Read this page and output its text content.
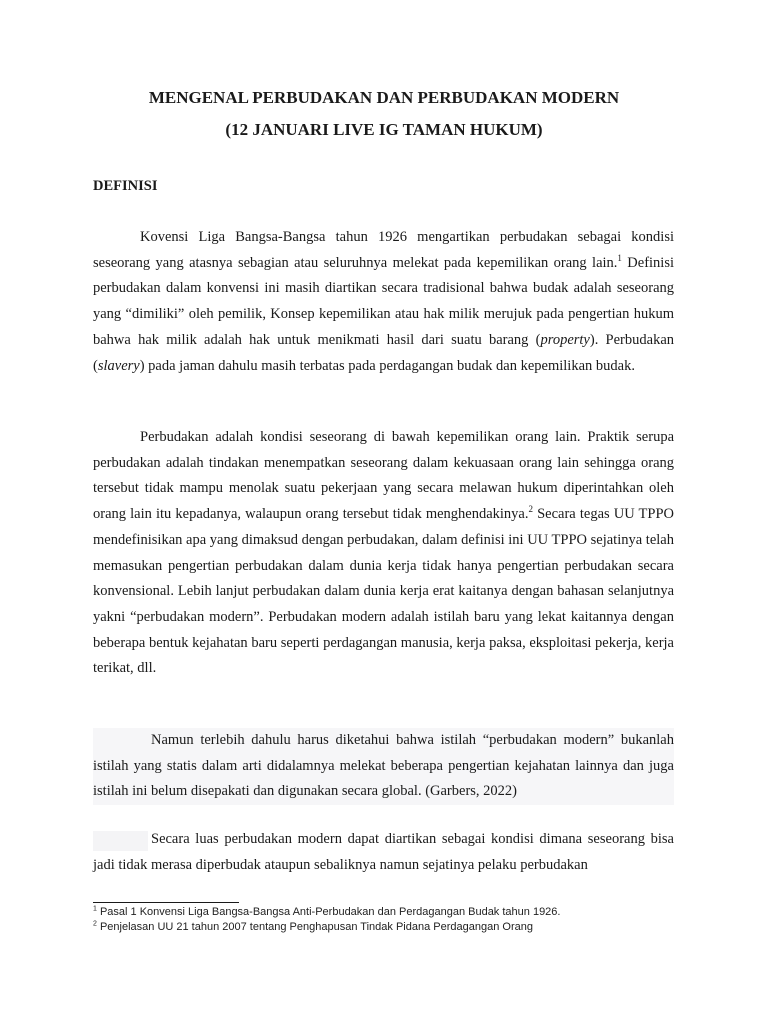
MENGENAL PERBUDAKAN DAN PERBUDAKAN MODERN
(12 JANUARI LIVE IG TAMAN HUKUM)
DEFINISI

Kovensi Liga Bangsa-Bangsa tahun 1926 mengartikan perbudakan sebagai kondisi seseorang yang atasnya sebagian atau seluruhnya melekat pada kepemilikan orang lain.$^1$ Definisi perbudakan dalam konvensi ini masih diartikan secara tradisional bahwa budak adalah seseorang yang “dimiliki” oleh pemilik, Konsep kepemilikan atau hak milik merujuk pada pengertian hukum bahwa hak milik adalah hak untuk menikmati hasil dari suatu barang (property). Perbudakan (slavery) pada jaman dahulu masih terbatas pada perdagangan budak dan kepemilikan budak.

Perbudakan adalah kondisi seseorang di bawah kepemilikan orang lain. Praktik serupa perbudakan adalah tindakan menempatkan seseorang dalam kekuasaan orang lain sehingga orang tersebut tidak mampu menolak suatu pekerjaan yang secara melawan hukum diperintahkan oleh orang lain itu kepadanya, walaupun orang tersebut tidak menghendakinya.$^2$ Secara tegas UU TPPO mendefinisikan apa yang dimaksud dengan perbudakan, dalam definisi ini UU TPPO sejatinya telah memasukan pengertian perbudakan dalam dunia kerja tidak hanya pengertian perbudakan secara konvensional. Lebih lanjut perbudakan dalam dunia kerja erat kaitanya dengan bahasan selanjutnya yakni “perbudakan modern”. Perbudakan modern adalah istilah baru yang lekat kaitannya dengan beberapa bentuk kejahatan baru seperti perdagangan manusia, kerja paksa, eksploitasi pekerja, kerja terikat, dll.

Namun terlebih dahulu harus diketahui bahwa istilah “perbudakan modern” bukanlah istilah yang statis dalam arti didalamnya melekat beberapa pengertian kejahatan lainnya dan juga istilah ini belum disepakati dan digunakan secara global. (Garbers, 2022)

Secara luas perbudakan modern dapat diartikan sebagai kondisi dimana seseorang bisa jadi tidak merasa diperbudak ataupun sebaliknya namun sejatinya pelaku perbudakan

$^1$ Pasal 1 Konvensi Liga Bangsa-Bangsa Anti-Perbudakan dan Perdagangan Budak tahun 1926.
$^2$ Penjelasan UU 21 tahun 2007 tentang Penghapusan Tindak Pidana Perdagangan Orang
